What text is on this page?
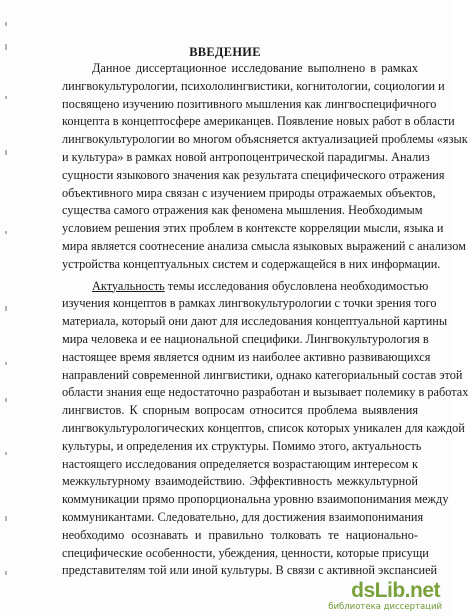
ВВЕДЕНИЕ
Данное диссертационное исследование выполнено в рамках
лингвокультурологии, психололингвистики, когнитологии, социологии и
посвящено изучению позитивного мышления как лингвоспецифичного
концепта в концептосфере американцев. Появление новых работ в области
лингвокультурологии во многом объясняется актуализацией проблемы «язык
и культура» в рамках новой антропоцентрической парадигмы. Анализ
сущности языкового значения как результата специфического отражения
объективного мира связан с изучением природы отражаемых объектов,
существа самого отражения как феномена мышления. Необходимым
условием решения этих проблем в контексте корреляции мысли, языка и
мира является соотнесение анализа смысла языковых выражений с анализом
устройства концептуальных систем и содержащейся в них информации.
Актуальность темы исследования обусловлена необходимостью
изучения концептов в рамках лингвокультурологии с точки зрения того
материала, который они дают для исследования концептуальной картины
мира человека и ее национальной специфики. Лингвокультурология в
настоящее время является одним из наиболее активно развивающихся
направлений современной лингвистики, однако категориальный состав этой
области знания еще недостаточно разработан и вызывает полемику в работах
лингвистов. К спорным вопросам относится проблема выявления
лингвокультурологических концептов, список которых уникален для каждой
культуры, и определения их структуры. Помимо этого, актуальность
настоящего исследования определяется возрастающим интересом к
межкультурному взаимодействию. Эффективность межкультурной
коммуникации прямо пропорциональна уровню взаимопонимания между
коммуникантами. Следовательно, для достижения взаимопонимания
необходимо осознавать и правильно толковать те национально-
специфические особенности, убеждения, ценности, которые присущи
представителям той или иной культуры. В связи с активной экспансией
dsLib.net
библиотека диссертаций
